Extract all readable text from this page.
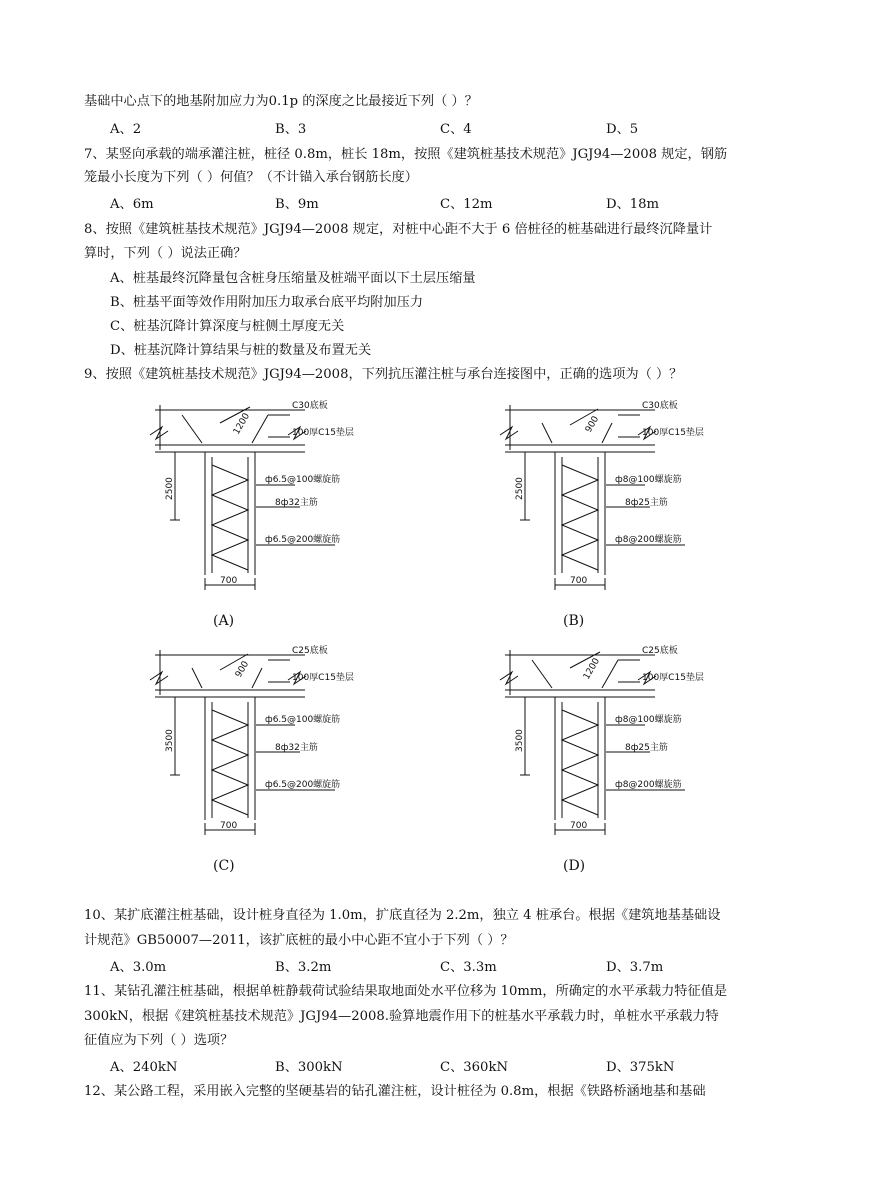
基础中心点下的地基附加应力为0.1p 的深度之比最接近下列（ ）？
A、2	B、3	C、4	D、5
7、某竖向承载的端承灌注桩，桩径 0.8m，桩长 18m，按照《建筑桩基技术规范》JGJ94—2008 规定，钢筋
笼最小长度为下列（ ）何值？（不计锚入承台钢筋长度）
A、6m	B、9m	C、12m	D、18m
8、按照《建筑桩基技术规范》JGJ94—2008 规定，对桩中心距不大于 6 倍桩径的桩基础进行最终沉降量计
算时，下列（ ）说法正确？
A、桩基最终沉降量包含桩身压缩量及桩端平面以下土层压缩量
B、桩基平面等效作用附加压力取承台底平均附加压力
C、桩基沉降计算深度与桩侧土厚度无关
D、桩基沉降计算结果与桩的数量及布置无关
9、按照《建筑桩基技术规范》JGJ94—2008，下列抗压灌注桩与承台连接图中，正确的选项为（ ）？
C30底板
100厚C15垫层
1200
2500	ф6.5@100螺旋筋
8ф32主筋
ф6.5@200螺旋筋
700
(A)
C30底板
100厚C15垫层
900
2500	ф8@100螺旋筋
8ф25主筋
ф8@200螺旋筋
700
(B)
C25底板
100厚C15垫层
900
3500
ф6.5@100螺旋筋
8ф32主筋
ф6.5@200螺旋筋
700
(C)
C25底板
100厚C15垫层
1200
3500
ф8@100螺旋筋
8ф25主筋
ф8@200螺旋筋
700
(D)
10、某扩底灌注桩基础，设计桩身直径为 1.0m，扩底直径为 2.2m，独立 4 桩承台。根据《建筑地基基础设
计规范》GB50007—2011，该扩底桩的最小中心距不宜小于下列（ ）？
A、3.0m	B、3.2m	C、3.3m	D、3.7m
11、某钻孔灌注桩基础，根据单桩静载荷试验结果取地面处水平位移为 10mm，所确定的水平承载力特征值是
300kN，根据《建筑桩基技术规范》JGJ94—2008.验算地震作用下的桩基水平承载力时，单桩水平承载力特
征值应为下列（ ）选项？
A、240kN	B、300kN	C、360kN	D、375kN
12、某公路工程，采用嵌入完整的坚硬基岩的钻孔灌注桩，设计桩径为 0.8m，根据《铁路桥涵地基和基础
